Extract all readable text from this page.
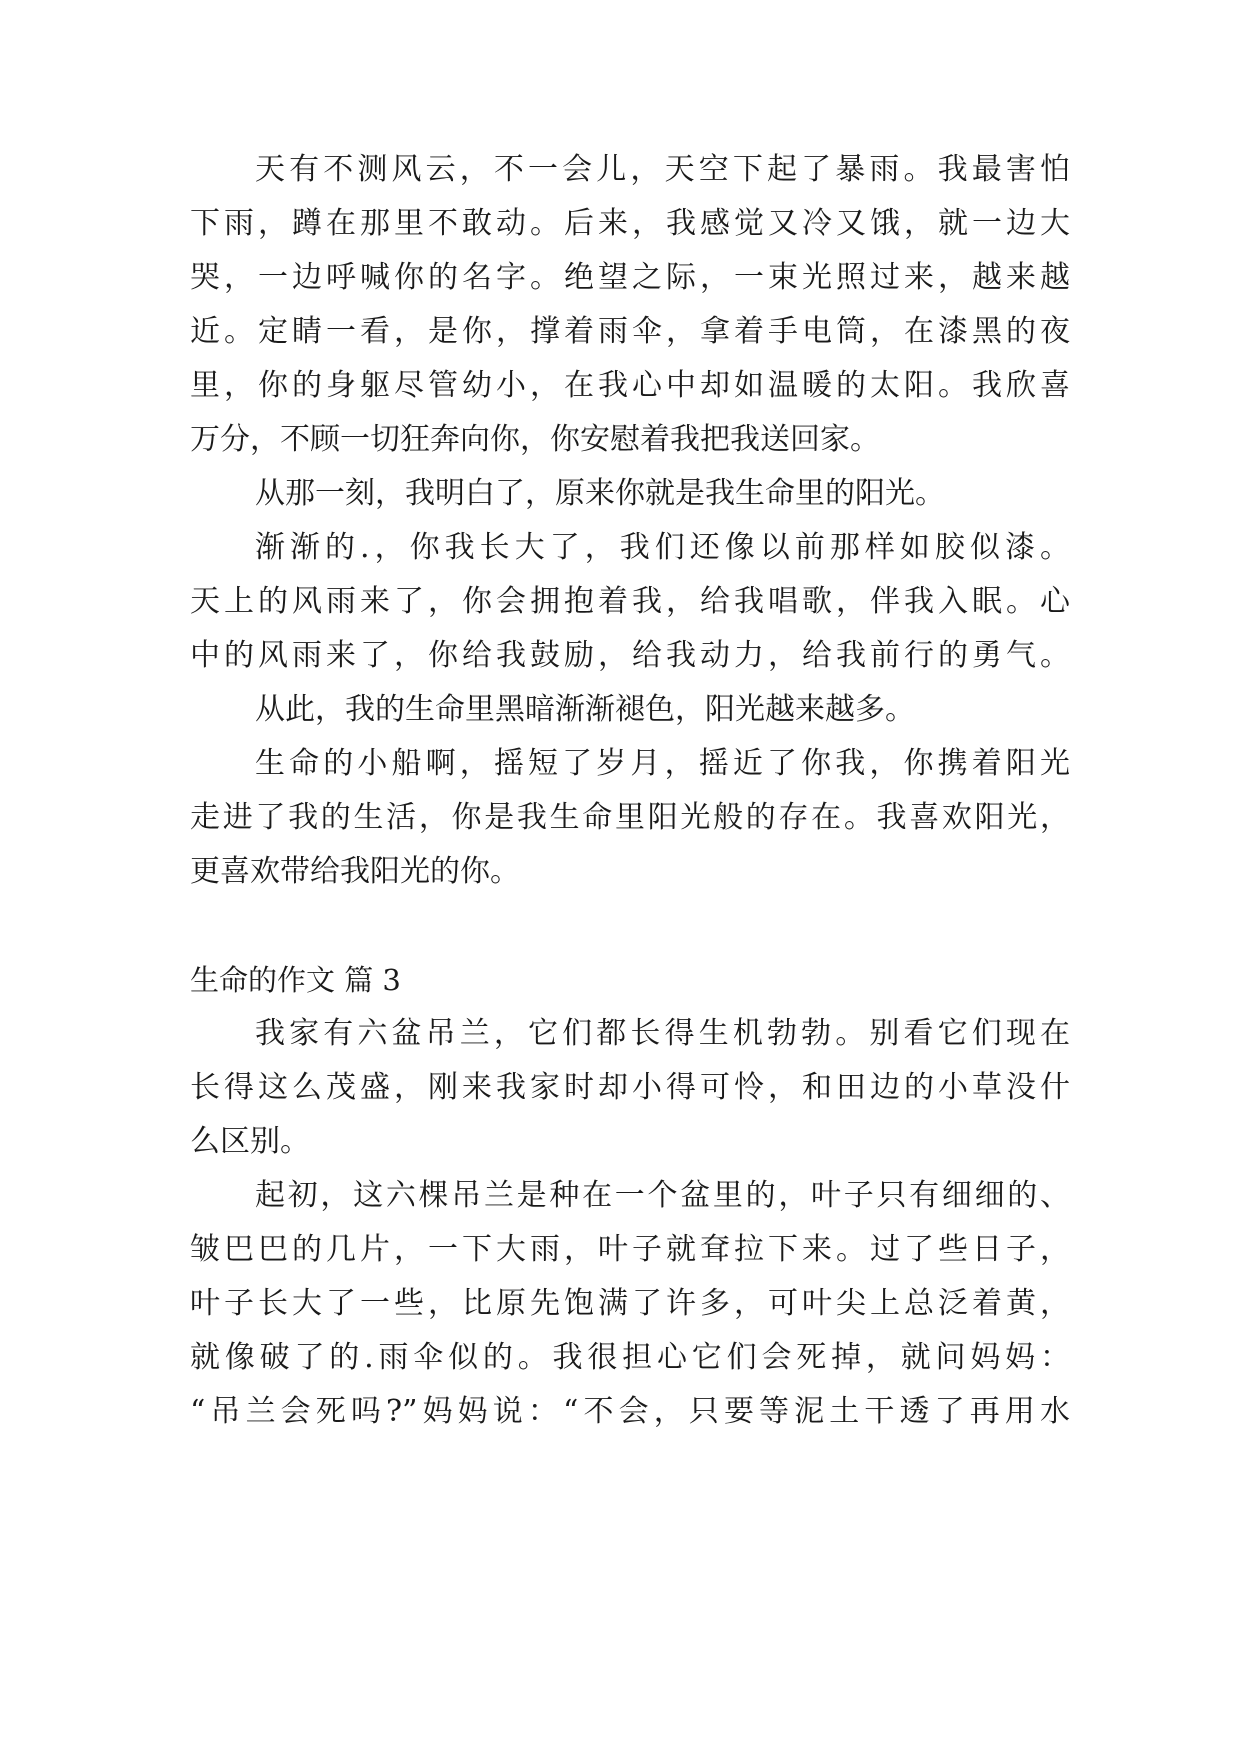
天有不测风云，不一会儿，天空下起了暴雨。我最害怕
下雨，蹲在那里不敢动。后来，我感觉又冷又饿，就一边大
哭，一边呼喊你的名字。绝望之际，一束光照过来，越来越
近。定睛一看，是你，撑着雨伞，拿着手电筒，在漆黑的夜
里，你的身躯尽管幼小，在我心中却如温暖的太阳。我欣喜
万分，不顾一切狂奔向你，你安慰着我把我送回家。
从那一刻，我明白了，原来你就是我生命里的阳光。
渐渐的.，你我长大了，我们还像以前那样如胶似漆。
天上的风雨来了，你会拥抱着我，给我唱歌，伴我入眠。心
中的风雨来了，你给我鼓励，给我动力，给我前行的勇气。
从此，我的生命里黑暗渐渐褪色，阳光越来越多。
生命的小船啊，摇短了岁月，摇近了你我，你携着阳光
走进了我的生活，你是我生命里阳光般的存在。我喜欢阳光，
更喜欢带给我阳光的你。
生命的作文 篇 3
我家有六盆吊兰，它们都长得生机勃勃。别看它们现在
长得这么茂盛，刚来我家时却小得可怜，和田边的小草没什
么区别。
起初，这六棵吊兰是种在一个盆里的，叶子只有细细的、
皱巴巴的几片，一下大雨，叶子就耷拉下来。过了些日子，
叶子长大了一些，比原先饱满了许多，可叶尖上总泛着黄，
就像破了的.雨伞似的。我很担心它们会死掉，就问妈妈：
“吊兰会死吗?”妈妈说：“不会，只要等泥土干透了再用水
